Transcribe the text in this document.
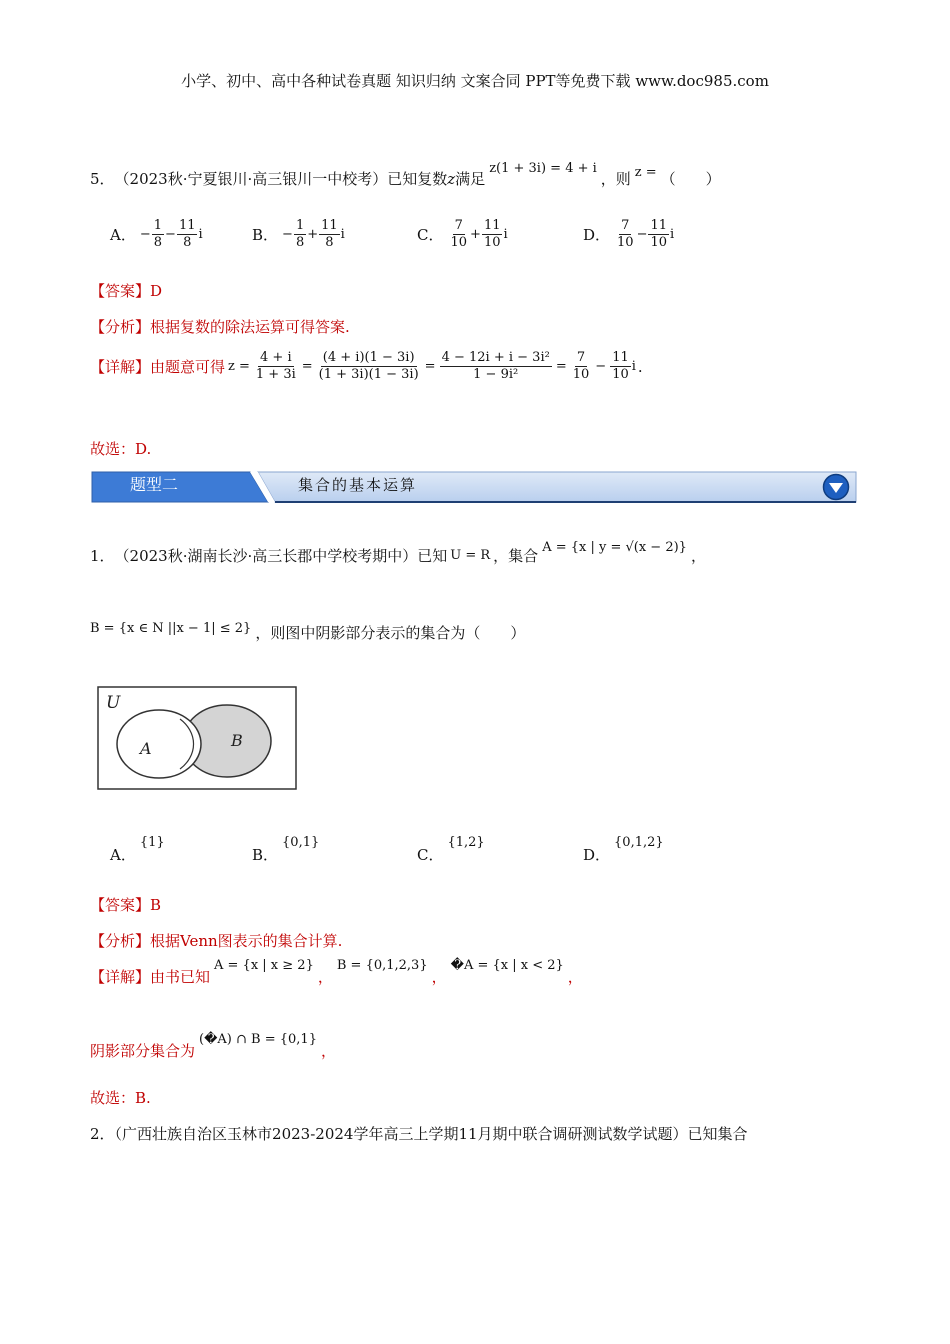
小学、初中、高中各种试卷真题 知识归纳 文案合同 PPT等免费下载 www.doc985.com
5． （2023秋·宁夏银川·高三银川一中校考）已知复数 z 满足
z(1 + 3i) = 4 + i
，则 z = （　　）
A． − $\frac{1}{8} - \frac{11}{8}$ i	B． − $\frac{1}{8} + \frac{11}{8}$ i	C． $\frac{7}{10} + \frac{11}{10}$ i	D． $\frac{7}{10} - \frac{11}{10}$ i
【答案】D
【分析】根据复数的除法运算可得答案.
【详解】由题意可得 $z = \frac{4 + i}{1 + 3i} = \frac{(4 + i)(1 - 3i)}{(1 + 3i)(1 - 3i)} = \frac{\text{4 − 12i + i − 3i²}}{\text{1 − 9i²}} = \frac{7}{10} - \frac{11}{10}$ i .
故选：D.
题型二	集合的基本运算
1． （2023秋·湖南长沙·高三长郡中学校考期中）已知 U = R ，集合 A = {x | y = √(x − 2)} ，
B = {x ∈ N ||x − 1| ≤ 2} ，则图中阴影部分表示的集合为（　　）
U
A	B
A．
{1}
B．
{0,1}
C．
{1,2}
D．
{0,1,2}
【答案】B
【分析】根据Venn图表示的集合计算.
【详解】由书已知
A = {x | x ≥ 2}
，
B = {0,1,2,3}
，
�A = {x | x < 2}
，
阴影部分集合为
(�A) ∩ B = {0,1}
，
故选：B.
2．（广西壮族自治区玉林市2023-2024学年高三上学期11月期中联合调研测试数学试题）已知集合
